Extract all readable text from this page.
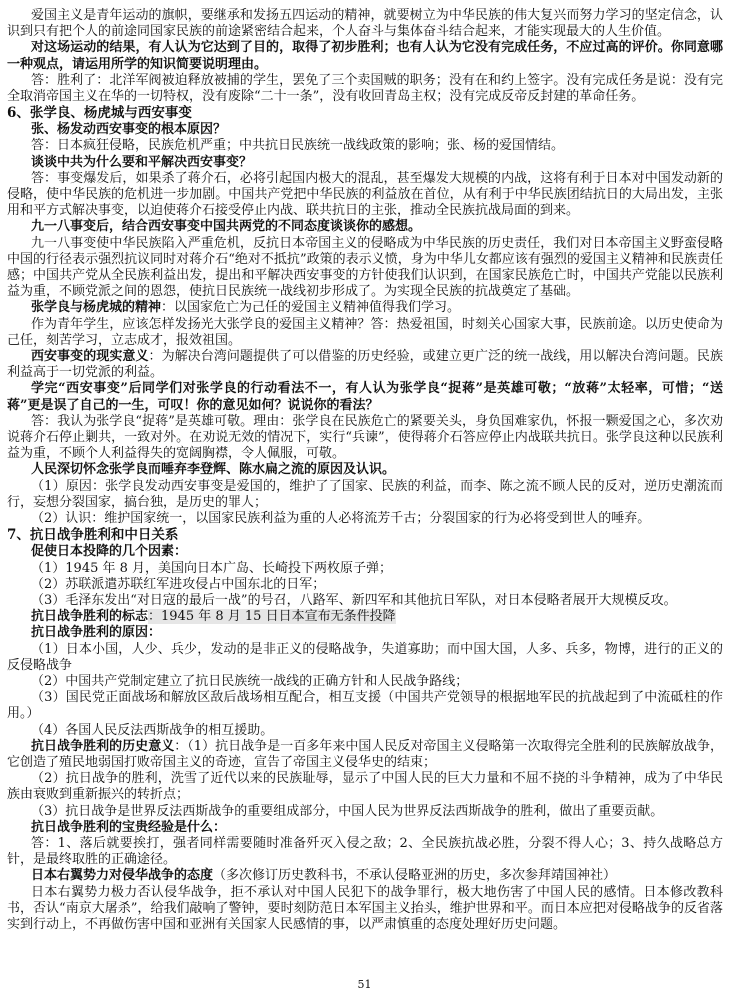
爱国主义是青年运动的旗帜，要继承和发扬五四运动的精神，就要树立为中华民族的伟大复兴而努力学习的坚定信念，认识到只有把个人的前途同国家民族的前途紧密结合起来，个人奋斗与集体奋斗结合起来，才能实现最大的人生价值。

对这场运动的结果，有人认为它达到了目的，取得了初步胜利；也有人认为它没有完成任务，不应过高的评价。你同意哪一种观点，请运用所学的知识简要说明理由。

答：胜利了：北洋军阀被迫释放被捕的学生，罢免了三个卖国贼的职务；没有在和约上签字。没有完成任务是说：没有完全取消帝国主义在华的一切特权，没有废除“二十一条”，没有收回青岛主权；没有完成反帝反封建的革命任务。

6、张学良、杨虎城与西安事变

张、杨发动西安事变的根本原因？

答：日本疯狂侵略，民族危机严重；中共抗日民族统一战线政策的影响；张、杨的爱国情结。

谈谈中共为什么要和平解决西安事变？

答：事变爆发后，如果杀了蒋介石，必将引起国内极大的混乱，甚至爆发大规模的内战，这将有利于日本对中国发动新的侵略，使中华民族的危机进一步加剧。中国共产党把中华民族的利益放在首位，从有利于中华民族团结抗日的大局出发，主张用和平方式解决事变，以迫使蒋介石接受停止内战、联共抗日的主张，推动全民族抗战局面的到来。

九一八事变后，结合西安事变中国共两党的不同态度谈谈你的感想。

九一八事变使中华民族陷入严重危机，反抗日本帝国主义的侵略成为中华民族的历史责任，我们对日本帝国主义野蛮侵略中国的行径表示强烈抗议同时对蒋介石“绝对不抵抗”政策的表示义愤，身为中华儿女都应该有强烈的爱国主义精神和民族责任感；中国共产党从全民族利益出发，提出和平解决西安事变的方针使我们认识到，在国家民族危亡时，中国共产党能以民族利益为重，不顾党派之间的恩怨，使抗日民族统一战线初步形成了。为实现全民族的抗战奠定了基础。

张学良与杨虎城的精神：以国家危亡为己任的爱国主义精神值得我们学习。

作为青年学生，应该怎样发扬光大张学良的爱国主义精神？答：热爱祖国，时刻关心国家大事，民族前途。以历史使命为己任，刻苦学习，立志成才，报效祖国。

西安事变的现实意义：为解决台湾问题提供了可以借鉴的历史经验，或建立更广泛的统一战线，用以解决台湾问题。民族利益高于一切党派的利益。

学完“西安事变”后同学们对张学良的行动看法不一，有人认为张学良“捉蒋”是英雄可敬；“放蒋”太轻率，可惜；“送蒋”更是误了自己的一生，可叹！你的意见如何？说说你的看法？

答：我认为张学良“捉蒋”是英雄可敬。理由：张学良在民族危亡的紧要关头，身负国难家仇，怀报一颗爱国之心，多次劝说蒋介石停止剿共，一致对外。在劝说无效的情况下，实行“兵谏”，使得蒋介石答应停止内战联共抗日。张学良这种以民族利益为重，不顾个人利益得失的宽阔胸襟，令人佩服，可敬。

人民深切怀念张学良而唾弃李登辉、陈水扁之流的原因及认识。

（1）原因：张学良发动西安事变是爱国的，维护了了国家、民族的利益，而李、陈之流不顾人民的反对，逆历史潮流而行，妄想分裂国家，搞台独，是历史的罪人；

（2）认识：维护国家统一，以国家民族利益为重的人必将流芳千古；分裂国家的行为必将受到世人的唾弃。

7、抗日战争胜利和中日关系

促使日本投降的几个因素：

（1）1945 年 8 月，美国向日本广岛、长崎投下两枚原子弹；

（2）苏联派遣苏联红军进攻侵占中国东北的日军；

（3）毛泽东发出“对日寇的最后一战”的号召，八路军、新四军和其他抗日军队，对日本侵略者展开大规模反攻。

抗日战争胜利的标志：1945 年 8 月 15 日日本宣布无条件投降

抗日战争胜利的原因：

（1）日本小国，人少、兵少，发动的是非正义的侵略战争，失道寡助；而中国大国，人多、兵多，物博，进行的正义的反侵略战争

（2）中国共产党制定建立了抗日民族统一战线的正确方针和人民战争路线；

（3）国民党正面战场和解放区敌后战场相互配合，相互支援（中国共产党领导的根据地军民的抗战起到了中流砥柱的作用。）

（4）各国人民反法西斯战争的相互援助。

抗日战争胜利的历史意义：（1）抗日战争是一百多年来中国人民反对帝国主义侵略第一次取得完全胜利的民族解放战争，它创造了殖民地弱国打败帝国主义的奇迹，宣告了帝国主义侵华史的结束；

（2）抗日战争的胜利，洗雪了近代以来的民族耻辱，显示了中国人民的巨大力量和不屈不挠的斗争精神，成为了中华民族由衰败到重新振兴的转折点；

（3）抗日战争是世界反法西斯战争的重要组成部分，中国人民为世界反法西斯战争的胜利，做出了重要贡献。

抗日战争胜利的宝贵经验是什么：

答：1、落后就要挨打，强者同样需要随时准备歼灭入侵之敌；2、全民族抗战必胜，分裂不得人心；3、持久战略总方针，是最终取胜的正确途径。

日本右翼势力对侵华战争的态度（多次修订历史教科书，不承认侵略亚洲的历史，多次参拜靖国神社）

日本右翼势力极力否认侵华战争，拒不承认对中国人民犯下的战争罪行，极大地伤害了中国人民的感情。日本修改教科书，否认“南京大屠杀”，给我们敲响了警钟，要时刻防范日本军国主义抬头，维护世界和平。而日本应把对侵略战争的反省落实到行动上，不再做伤害中国和亚洲有关国家人民感情的事，以严肃慎重的态度处理好历史问题。

51
